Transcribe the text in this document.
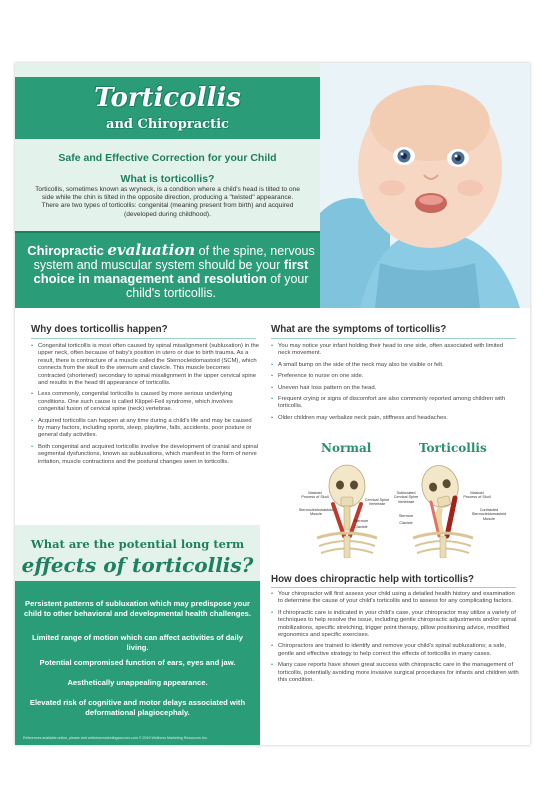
Torticollis
and Chiropractic
Safe and Effective Correction for your Child
What is torticollis?
Torticollis, sometimes known as wryneck, is a condition where a child's head is tilted to one side while the chin is tilted in the opposite direction, producing a "twisted" appearance. There are two types of torticollis: congenital (meaning present from birth) and acquired (developed during childhood).
Chiropractic evaluation of the spine, nervous system and muscular system should be your first choice in management and resolution of your child's torticollis.
Why does torticollis happen?
• Congenital torticollis is most often caused by spinal misalignment (subluxation) in the upper neck, often because of baby's position in utero or due to birth trauma. As a result, there is contracture of a muscle called the Sternocleidomastoid (SCM), which connects from the skull to the sternum and clavicle. This muscle becomes contracted (shortened) secondary to spinal misalignment in the upper cervical spine and results in the head tilt appearance of torticollis.
• Less commonly, congenital torticollis is caused by more serious underlying conditions. One such cause is called Klippel-Feil syndrome, which involves congenital fusion of cervical spine (neck) vertebrae.
• Acquired torticollis can happen at any time during a child's life and may be caused by many factors, including sports, sleep, playtime, falls, accidents, poor posture or general daily activities.
• Both congenital and acquired torticollis involve the development of cranial and spinal segmental dysfunctions, known as subluxations, which manifest in the form of nerve irritation, muscle contractions and the postural changes seen in torticollis.
What are the symptoms of torticollis?
• You may notice your infant holding their head to one side, often associated with limited neck movement.
• A small bump on the side of the neck may also be visible or felt.
• Preference to nurse on one side.
• Uneven hair loss pattern on the head.
• Frequent crying or signs of discomfort are also commonly reported among children with torticollis.
• Older children may verbalize neck pain, stiffness and headaches.
Normal	Torticollis
Mastoid Process of Skull
Cervical Spine Vertebrae
Sternocleidomastoid Muscle
Sternum
Clavicle
Subluxated Cervical Spine Vertebrae
Mastoid Process of Skull
Contracted Sternocleidomastoid Muscle
Sternum
Clavicle
How does chiropractic help with torticollis?
• Your chiropractor will first assess your child using a detailed health history and examination to determine the cause of your child's torticollis and to assess for any complicating factors.
• If chiropractic care is indicated in your child's case, your chiropractor may utilize a variety of techniques to help resolve the issue, including gentle chiropractic adjustments and/or spinal mobilizations, specific stretching, trigger point therapy, pillow positioning advice, modified ergonomics and specific exercises.
• Chiropractors are trained to identify and remove your child's spinal subluxations; a safe, gentle and effective strategy to help correct the effects of torticollis in many cases.
• Many case reports have shown great success with chiropractic care in the management of torticollis, potentially avoiding more invasive surgical procedures for infants and children with this condition.
What are the potential long term
effects of torticollis?
Persistent patterns of subluxation which may predispose your child to other behavioral and developmental health challenges.
Limited range of motion which can affect activities of daily living.
Potential compromised function of ears, eyes and jaw.
Aesthetically unappealing appearance.
Elevated risk of cognitive and motor delays associated with deformational plagiocephaly.
References available online, please visit wellnessmarketingsources.com © 2019 Wellness Marketing Resources Inc.
